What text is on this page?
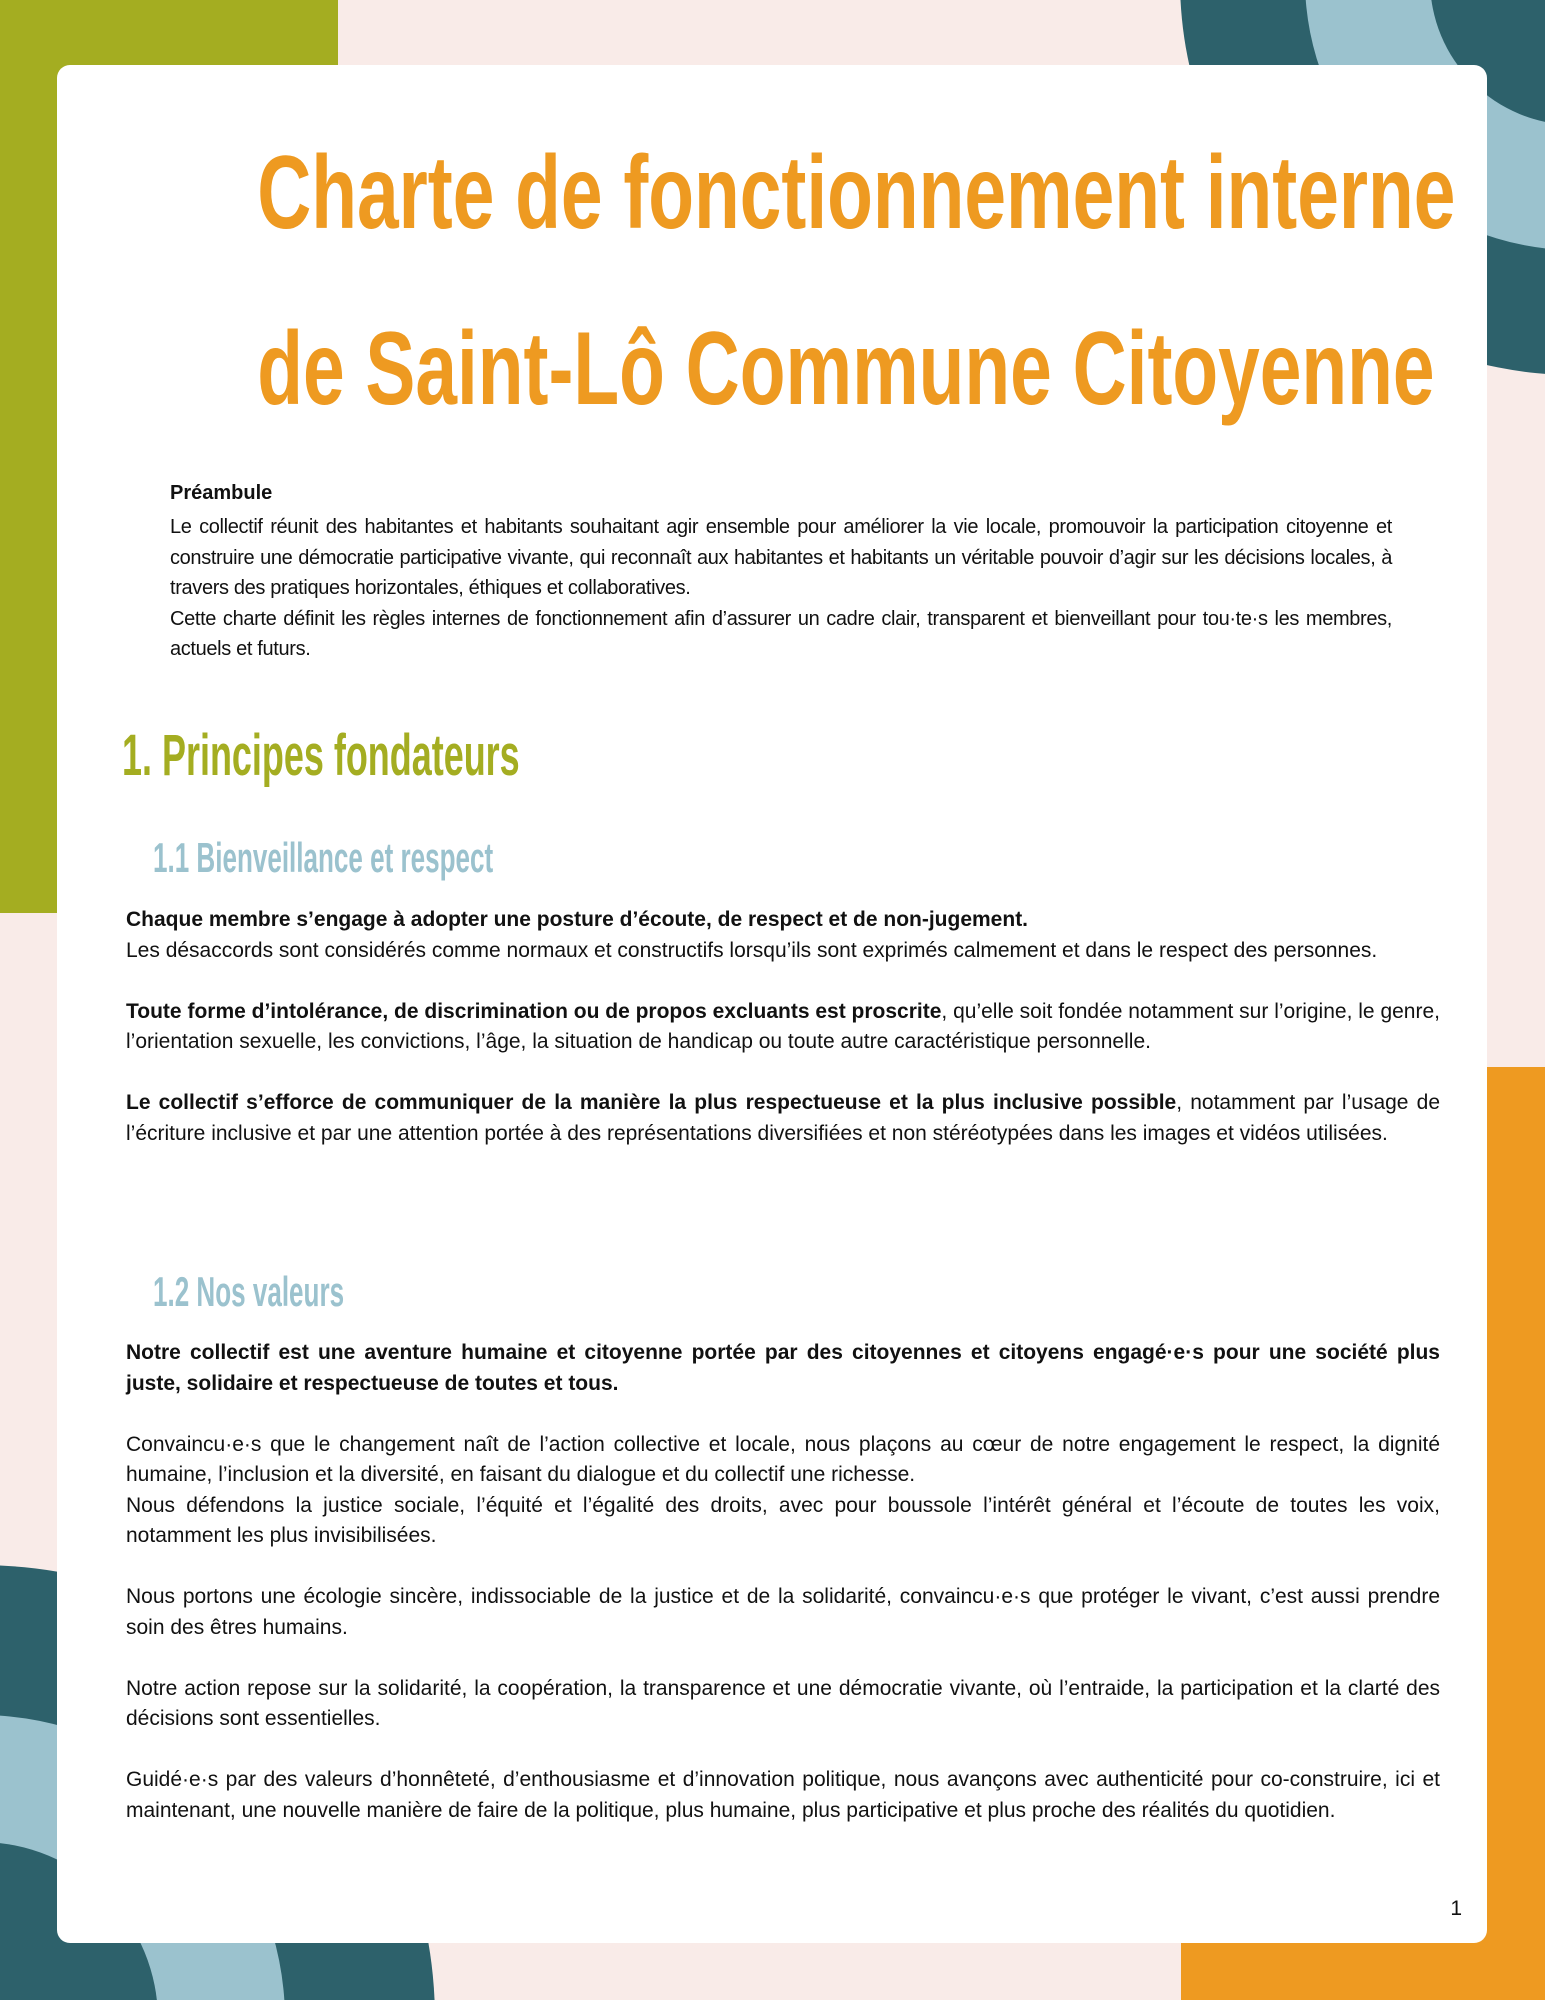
Charte de fonctionnement interne
de Saint-Lô Commune Citoyenne
Préambule

Le collectif réunit des habitantes et habitants souhaitant agir ensemble pour améliorer la vie locale, promouvoir la participation citoyenne et construire une démocratie participative vivante, qui reconnaît aux habitantes et habitants un véritable pouvoir d’agir sur les décisions locales, à travers des pratiques horizontales, éthiques et collaboratives.
Cette charte définit les règles internes de fonctionnement afin d’assurer un cadre clair, transparent et bienveillant pour tou·te·s les membres, actuels et futurs.

1. Principes fondateurs
1.1 Bienveillance et respect

Chaque membre s’engage à adopter une posture d’écoute, de respect et de non-jugement.
Les désaccords sont considérés comme normaux et constructifs lorsqu’ils sont exprimés calmement et dans le respect des personnes.

Toute forme d’intolérance, de discrimination ou de propos excluants est proscrite, qu’elle soit fondée notamment sur l’origine, le genre, l’orientation sexuelle, les convictions, l’âge, la situation de handicap ou toute autre caractéristique personnelle.

Le collectif s’efforce de communiquer de la manière la plus respectueuse et la plus inclusive possible, notamment par l’usage de l’écriture inclusive et par une attention portée à des représentations diversifiées et non stéréotypées dans les images et vidéos utilisées.

1.2 Nos valeurs

Notre collectif est une aventure humaine et citoyenne portée par des citoyennes et citoyens engagé·e·s pour une société plus juste, solidaire et respectueuse de toutes et tous.

Convaincu·e·s que le changement naît de l’action collective et locale, nous plaçons au cœur de notre engagement le respect, la dignité humaine, l’inclusion et la diversité, en faisant du dialogue et du collectif une richesse.
Nous défendons la justice sociale, l’équité et l’égalité des droits, avec pour boussole l’intérêt général et l’écoute de toutes les voix, notamment les plus invisibilisées.

Nous portons une écologie sincère, indissociable de la justice et de la solidarité, convaincu·e·s que protéger le vivant, c’est aussi prendre soin des êtres humains.

Notre action repose sur la solidarité, la coopération, la transparence et une démocratie vivante, où l’entraide, la participation et la clarté des décisions sont essentielles.

Guidé·e·s par des valeurs d’honnêteté, d’enthousiasme et d’innovation politique, nous avançons avec authenticité pour co-construire, ici et maintenant, une nouvelle manière de faire de la politique, plus humaine, plus participative et plus proche des réalités du quotidien.

1
